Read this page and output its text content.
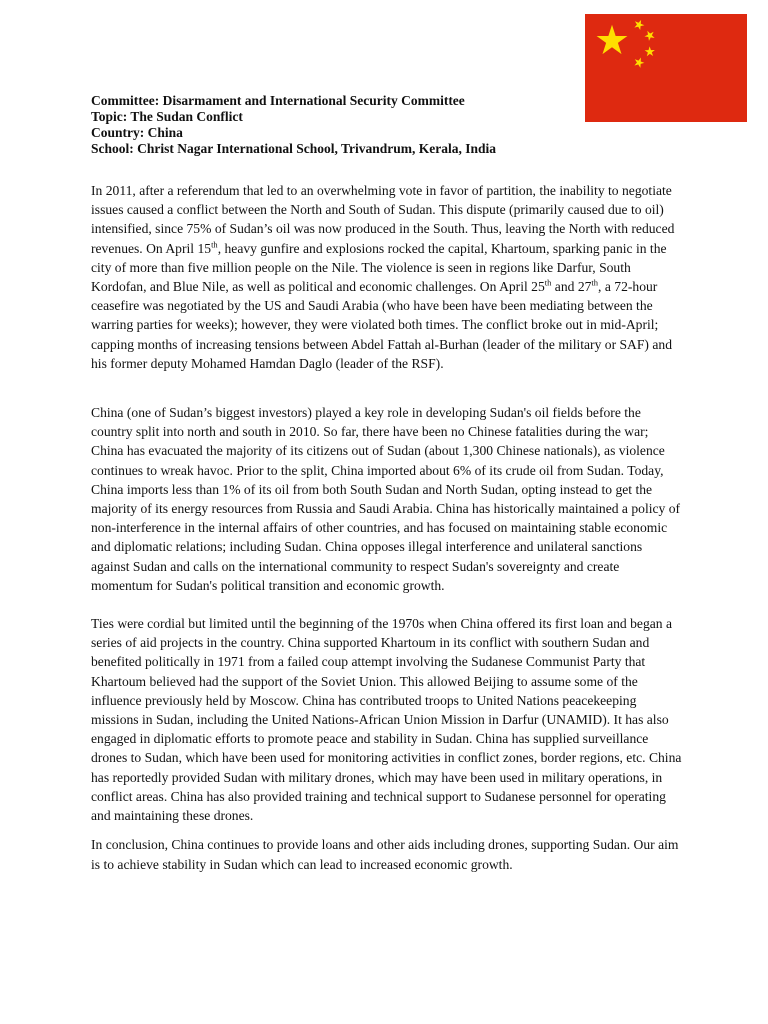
Committee: Disarmament and International Security Committee
Topic: The Sudan Conflict
Country: China
School: Christ Nagar International School, Trivandrum, Kerala, India

In 2011, after a referendum that led to an overwhelming vote in favor of partition, the inability to negotiate issues caused a conflict between the North and South of Sudan. This dispute (primarily caused due to oil) intensified, since 75% of Sudan’s oil was now produced in the South. Thus, leaving the North with reduced revenues. On April 15th, heavy gunfire and explosions rocked the capital, Khartoum, sparking panic in the city of more than five million people on the Nile. The violence is seen in regions like Darfur, South Kordofan, and Blue Nile, as well as political and economic challenges. On April 25th and 27th, a 72-hour ceasefire was negotiated by the US and Saudi Arabia (who have been have been mediating between the warring parties for weeks); however, they were violated both times. The conflict broke out in mid-April; capping months of increasing tensions between Abdel Fattah al-Burhan (leader of the military or SAF) and his former deputy Mohamed Hamdan Daglo (leader of the RSF).

China (one of Sudan’s biggest investors) played a key role in developing Sudan's oil fields before the country split into north and south in 2010. So far, there have been no Chinese fatalities during the war; China has evacuated the majority of its citizens out of Sudan (about 1,300 Chinese nationals), as violence continues to wreak havoc. Prior to the split, China imported about 6% of its crude oil from Sudan. Today, China imports less than 1% of its oil from both South Sudan and North Sudan, opting instead to get the majority of its energy resources from Russia and Saudi Arabia. China has historically maintained a policy of non-interference in the internal affairs of other countries, and has focused on maintaining stable economic and diplomatic relations; including Sudan. China opposes illegal interference and unilateral sanctions against Sudan and calls on the international community to respect Sudan's sovereignty and create momentum for Sudan's political transition and economic growth.

Ties were cordial but limited until the beginning of the 1970s when China offered its first loan and began a series of aid projects in the country. China supported Khartoum in its conflict with southern Sudan and benefited politically in 1971 from a failed coup attempt involving the Sudanese Communist Party that Khartoum believed had the support of the Soviet Union. This allowed Beijing to assume some of the influence previously held by Moscow. China has contributed troops to United Nations peacekeeping missions in Sudan, including the United Nations-African Union Mission in Darfur (UNAMID). It has also engaged in diplomatic efforts to promote peace and stability in Sudan. China has supplied surveillance drones to Sudan, which have been used for monitoring activities in conflict zones, border regions, etc. China has reportedly provided Sudan with military drones, which may have been used in military operations, in conflict areas. China has also provided training and technical support to Sudanese personnel for operating and maintaining these drones.

In conclusion, China continues to provide loans and other aids including drones, supporting Sudan. Our aim is to achieve stability in Sudan which can lead to increased economic growth.
